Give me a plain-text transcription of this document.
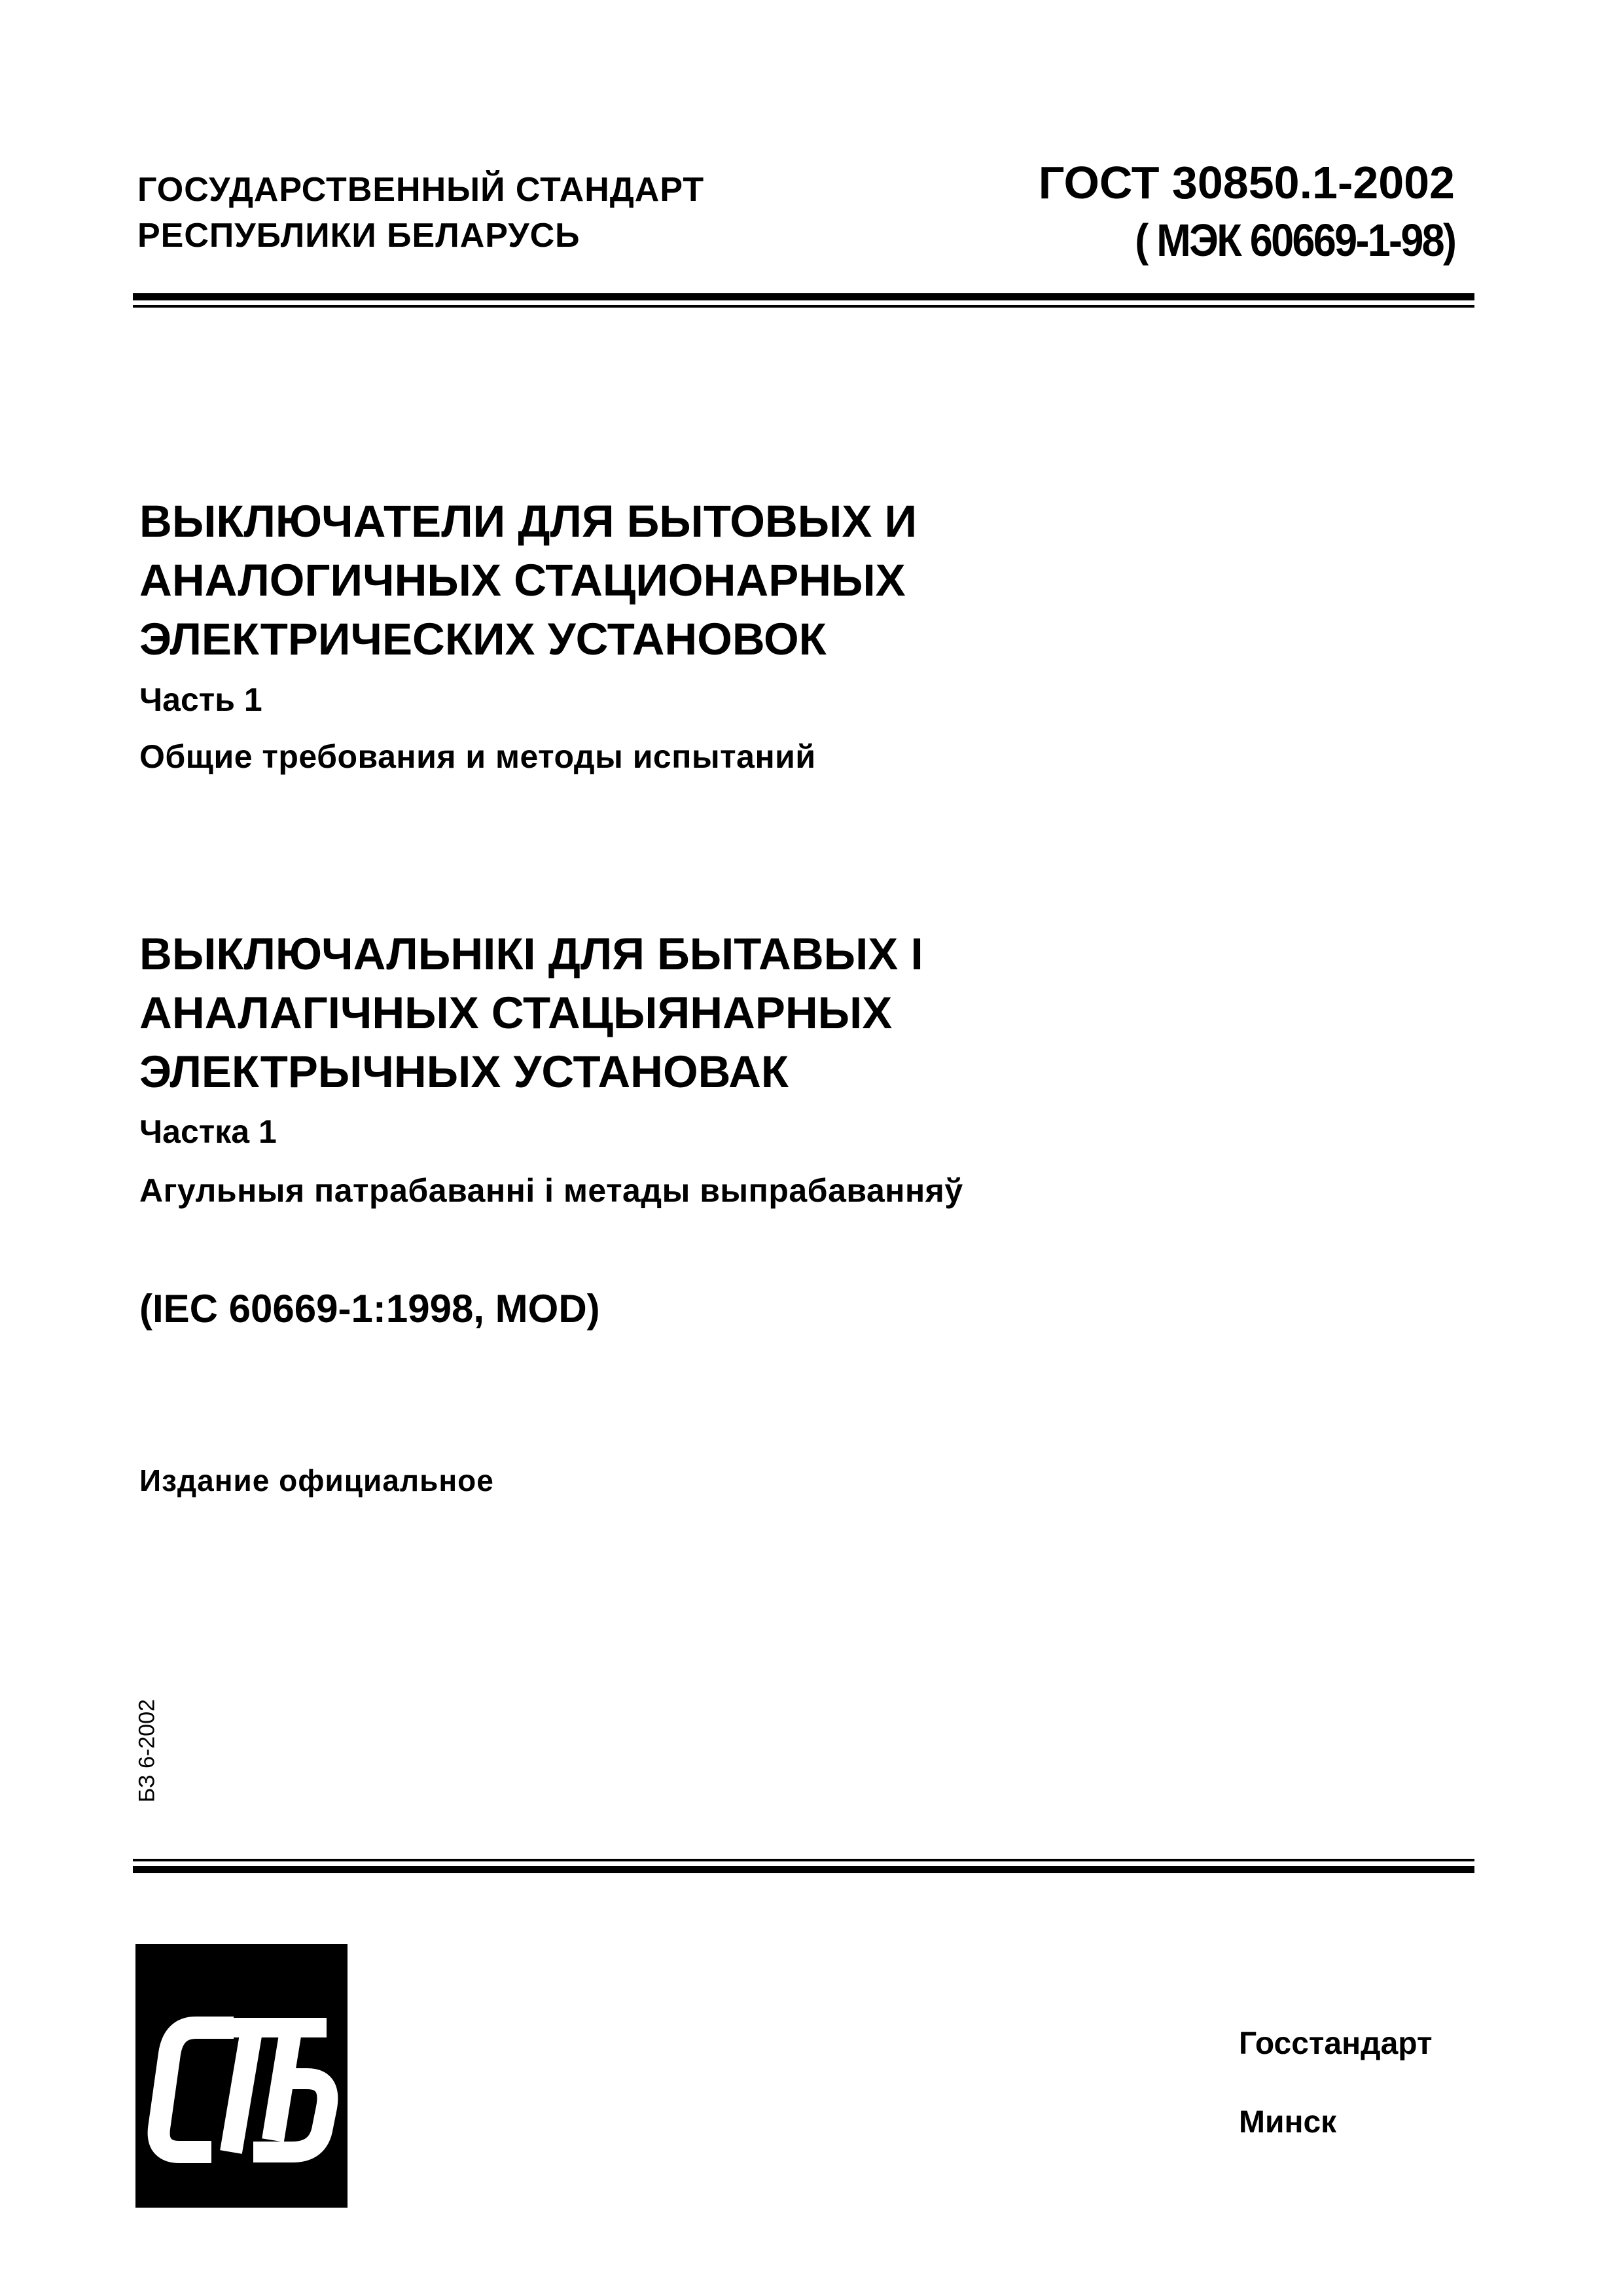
ГОСУДАРСТВЕННЫЙ СТАНДАРТ
РЕСПУБЛИКИ БЕЛАРУСЬ
ГОСТ 30850.1-2002
( МЭК 60669-1-98)
ВЫКЛЮЧАТЕЛИ ДЛЯ БЫТОВЫХ И
АНАЛОГИЧНЫХ СТАЦИОНАРНЫХ
ЭЛЕКТРИЧЕСКИХ УСТАНОВОК
Часть 1
Общие требования и методы испытаний
ВЫКЛЮЧАЛЬНІКІ ДЛЯ БЫТАВЫХ І
АНАЛАГІЧНЫХ СТАЦЫЯНАРНЫХ
ЭЛЕКТРЫЧНЫХ УСТАНОВАК
Частка 1
Агульныя патрабаванні і метады выпрабаванняў
(IEC 60669-1:1998, MOD)
Издание официальное
БЗ 6-2002
Госстандарт
Минск
